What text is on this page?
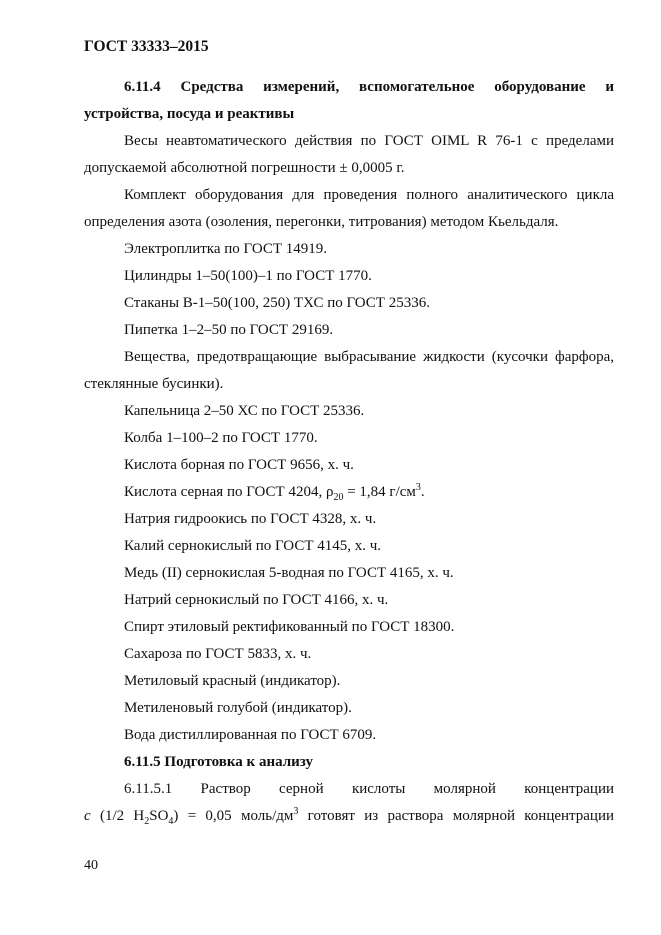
ГОСТ 33333–2015

6.11.4 Средства измерений, вспомогательное оборудование и

устройства, посуда и реактивы

Весы неавтоматического действия по ГОСТ OIML R 76-1 с пределами допускаемой абсолютной погрешности ± 0,0005 г.

Комплект оборудования для проведения полного аналитического цикла определения азота (озоления, перегонки, титрования) методом Кьельдаля.

Электроплитка по ГОСТ 14919.

Цилиндры 1–50(100)–1 по ГОСТ 1770.

Стаканы В-1–50(100, 250) ТХС по ГОСТ 25336.

Пипетка 1–2–50 по ГОСТ 29169.

Вещества, предотвращающие выбрасывание жидкости (кусочки фарфора, стеклянные бусинки).

Капельница 2–50 ХС по ГОСТ 25336.

Колба 1–100–2 по ГОСТ 1770.

Кислота борная по ГОСТ 9656, х. ч.

Кислота серная по ГОСТ 4204, $\rho_{20} = 1,84$ $г/см^3$.

Натрия гидроокись по ГОСТ 4328, х. ч.

Калий сернокислый по ГОСТ 4145, х. ч.

Медь (II) сернокислая 5-водная по ГОСТ 4165, х. ч.

Натрий сернокислый по ГОСТ 4166, х. ч.

Спирт этиловый ректификованный по ГОСТ 18300.

Сахароза по ГОСТ 5833, х. ч.

Метиловый красный (индикатор).

Метиленовый голубой (индикатор).

Вода дистиллированная по ГОСТ 6709.

6.11.5 Подготовка к анализу

6.11.5.1 Раствор серной кислоты молярной концентрации

c (1/2 $H_2SO_4) = 0,05$ моль/$дм^3$ готовят из раствора молярной концентрации

40
